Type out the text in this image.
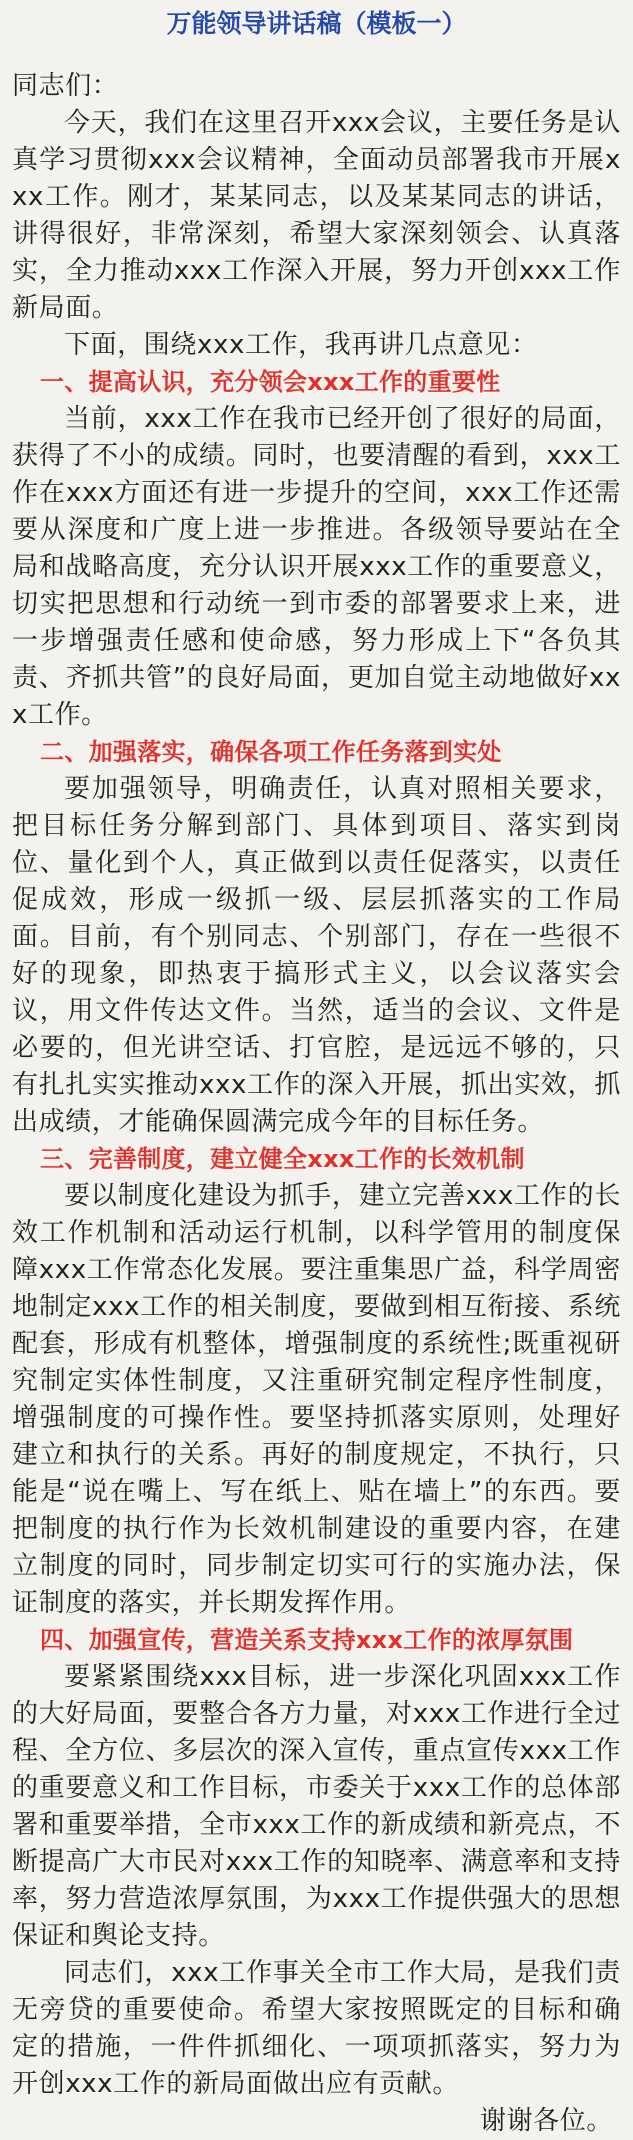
万能领导讲话稿（模板一）

同志们：

今天，我们在这里召开xxx会议，主要任务是认真学习贯彻xxx会议精神，全面动员部署我市开展xxx工作。刚才，某某同志，以及某某同志的讲话，讲得很好，非常深刻，希望大家深刻领会、认真落实，全力推动xxx工作深入开展，努力开创xxx工作新局面。

下面，围绕xxx工作，我再讲几点意见：

一、提高认识，充分领会xxx工作的重要性

当前，xxx工作在我市已经开创了很好的局面，获得了不小的成绩。同时，也要清醒的看到，xxx工作在xxx方面还有进一步提升的空间，xxx工作还需要从深度和广度上进一步推进。各级领导要站在全局和战略高度，充分认识开展xxx工作的重要意义，切实把思想和行动统一到市委的部署要求上来，进一步增强责任感和使命感，努力形成上下“各负其责、齐抓共管”的良好局面，更加自觉主动地做好xxx工作。

二、加强落实，确保各项工作任务落到实处

要加强领导，明确责任，认真对照相关要求，把目标任务分解到部门、具体到项目、落实到岗位、量化到个人，真正做到以责任促落实，以责任促成效，形成一级抓一级、层层抓落实的工作局面。目前，有个别同志、个别部门，存在一些很不好的现象，即热衷于搞形式主义，以会议落实会议，用文件传达文件。当然，适当的会议、文件是必要的，但光讲空话、打官腔，是远远不够的，只有扎扎实实推动xxx工作的深入开展，抓出实效，抓出成绩，才能确保圆满完成今年的目标任务。

三、完善制度，建立健全xxx工作的长效机制

要以制度化建设为抓手，建立完善xxx工作的长效工作机制和活动运行机制，以科学管用的制度保障xxx工作常态化发展。要注重集思广益，科学周密地制定xxx工作的相关制度，要做到相互衔接、系统配套，形成有机整体，增强制度的系统性;既重视研究制定实体性制度，又注重研究制定程序性制度，增强制度的可操作性。要坚持抓落实原则，处理好建立和执行的关系。再好的制度规定，不执行，只能是“说在嘴上、写在纸上、贴在墙上”的东西。要把制度的执行作为长效机制建设的重要内容，在建立制度的同时，同步制定切实可行的实施办法，保证制度的落实，并长期发挥作用。

四、加强宣传，营造关系支持xxx工作的浓厚氛围

要紧紧围绕xxx目标，进一步深化巩固xxx工作的大好局面，要整合各方力量，对xxx工作进行全过程、全方位、多层次的深入宣传，重点宣传xxx工作的重要意义和工作目标，市委关于xxx工作的总体部署和重要举措，全市xxx工作的新成绩和新亮点，不断提高广大市民对xxx工作的知晓率、满意率和支持率，努力营造浓厚氛围，为xxx工作提供强大的思想保证和舆论支持。

同志们，xxx工作事关全市工作大局，是我们责无旁贷的重要使命。希望大家按照既定的目标和确定的措施，一件件抓细化、一项项抓落实，努力为开创xxx工作的新局面做出应有贡献。

谢谢各位。
